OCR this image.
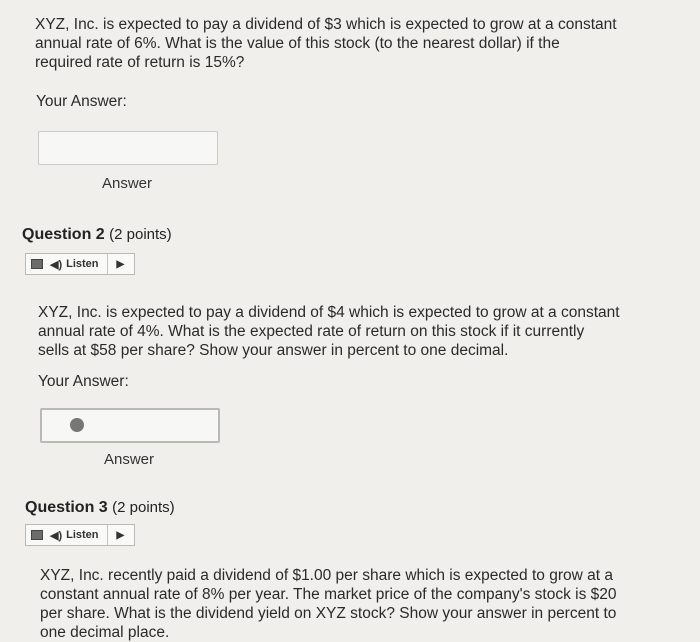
XYZ, Inc. is expected to pay a dividend of $3 which is expected to grow at a constant
annual rate of 6%. What is the value of this stock (to the nearest dollar) if the
required rate of return is 15%?

Your Answer:

Answer
Question 2 (2 points)
◀) Listen ▶

XYZ, Inc. is expected to pay a dividend of $4 which is expected to grow at a constant
annual rate of 4%. What is the expected rate of return on this stock if it currently
sells at $58 per share? Show your answer in percent to one decimal.

Your Answer:

Answer
Question 3 (2 points)
◀) Listen ▶

XYZ, Inc. recently paid a dividend of $1.00 per share which is expected to grow at a
constant annual rate of 8% per year. The market price of the company's stock is $20
per share. What is the dividend yield on XYZ stock? Show your answer in percent to
one decimal place.
